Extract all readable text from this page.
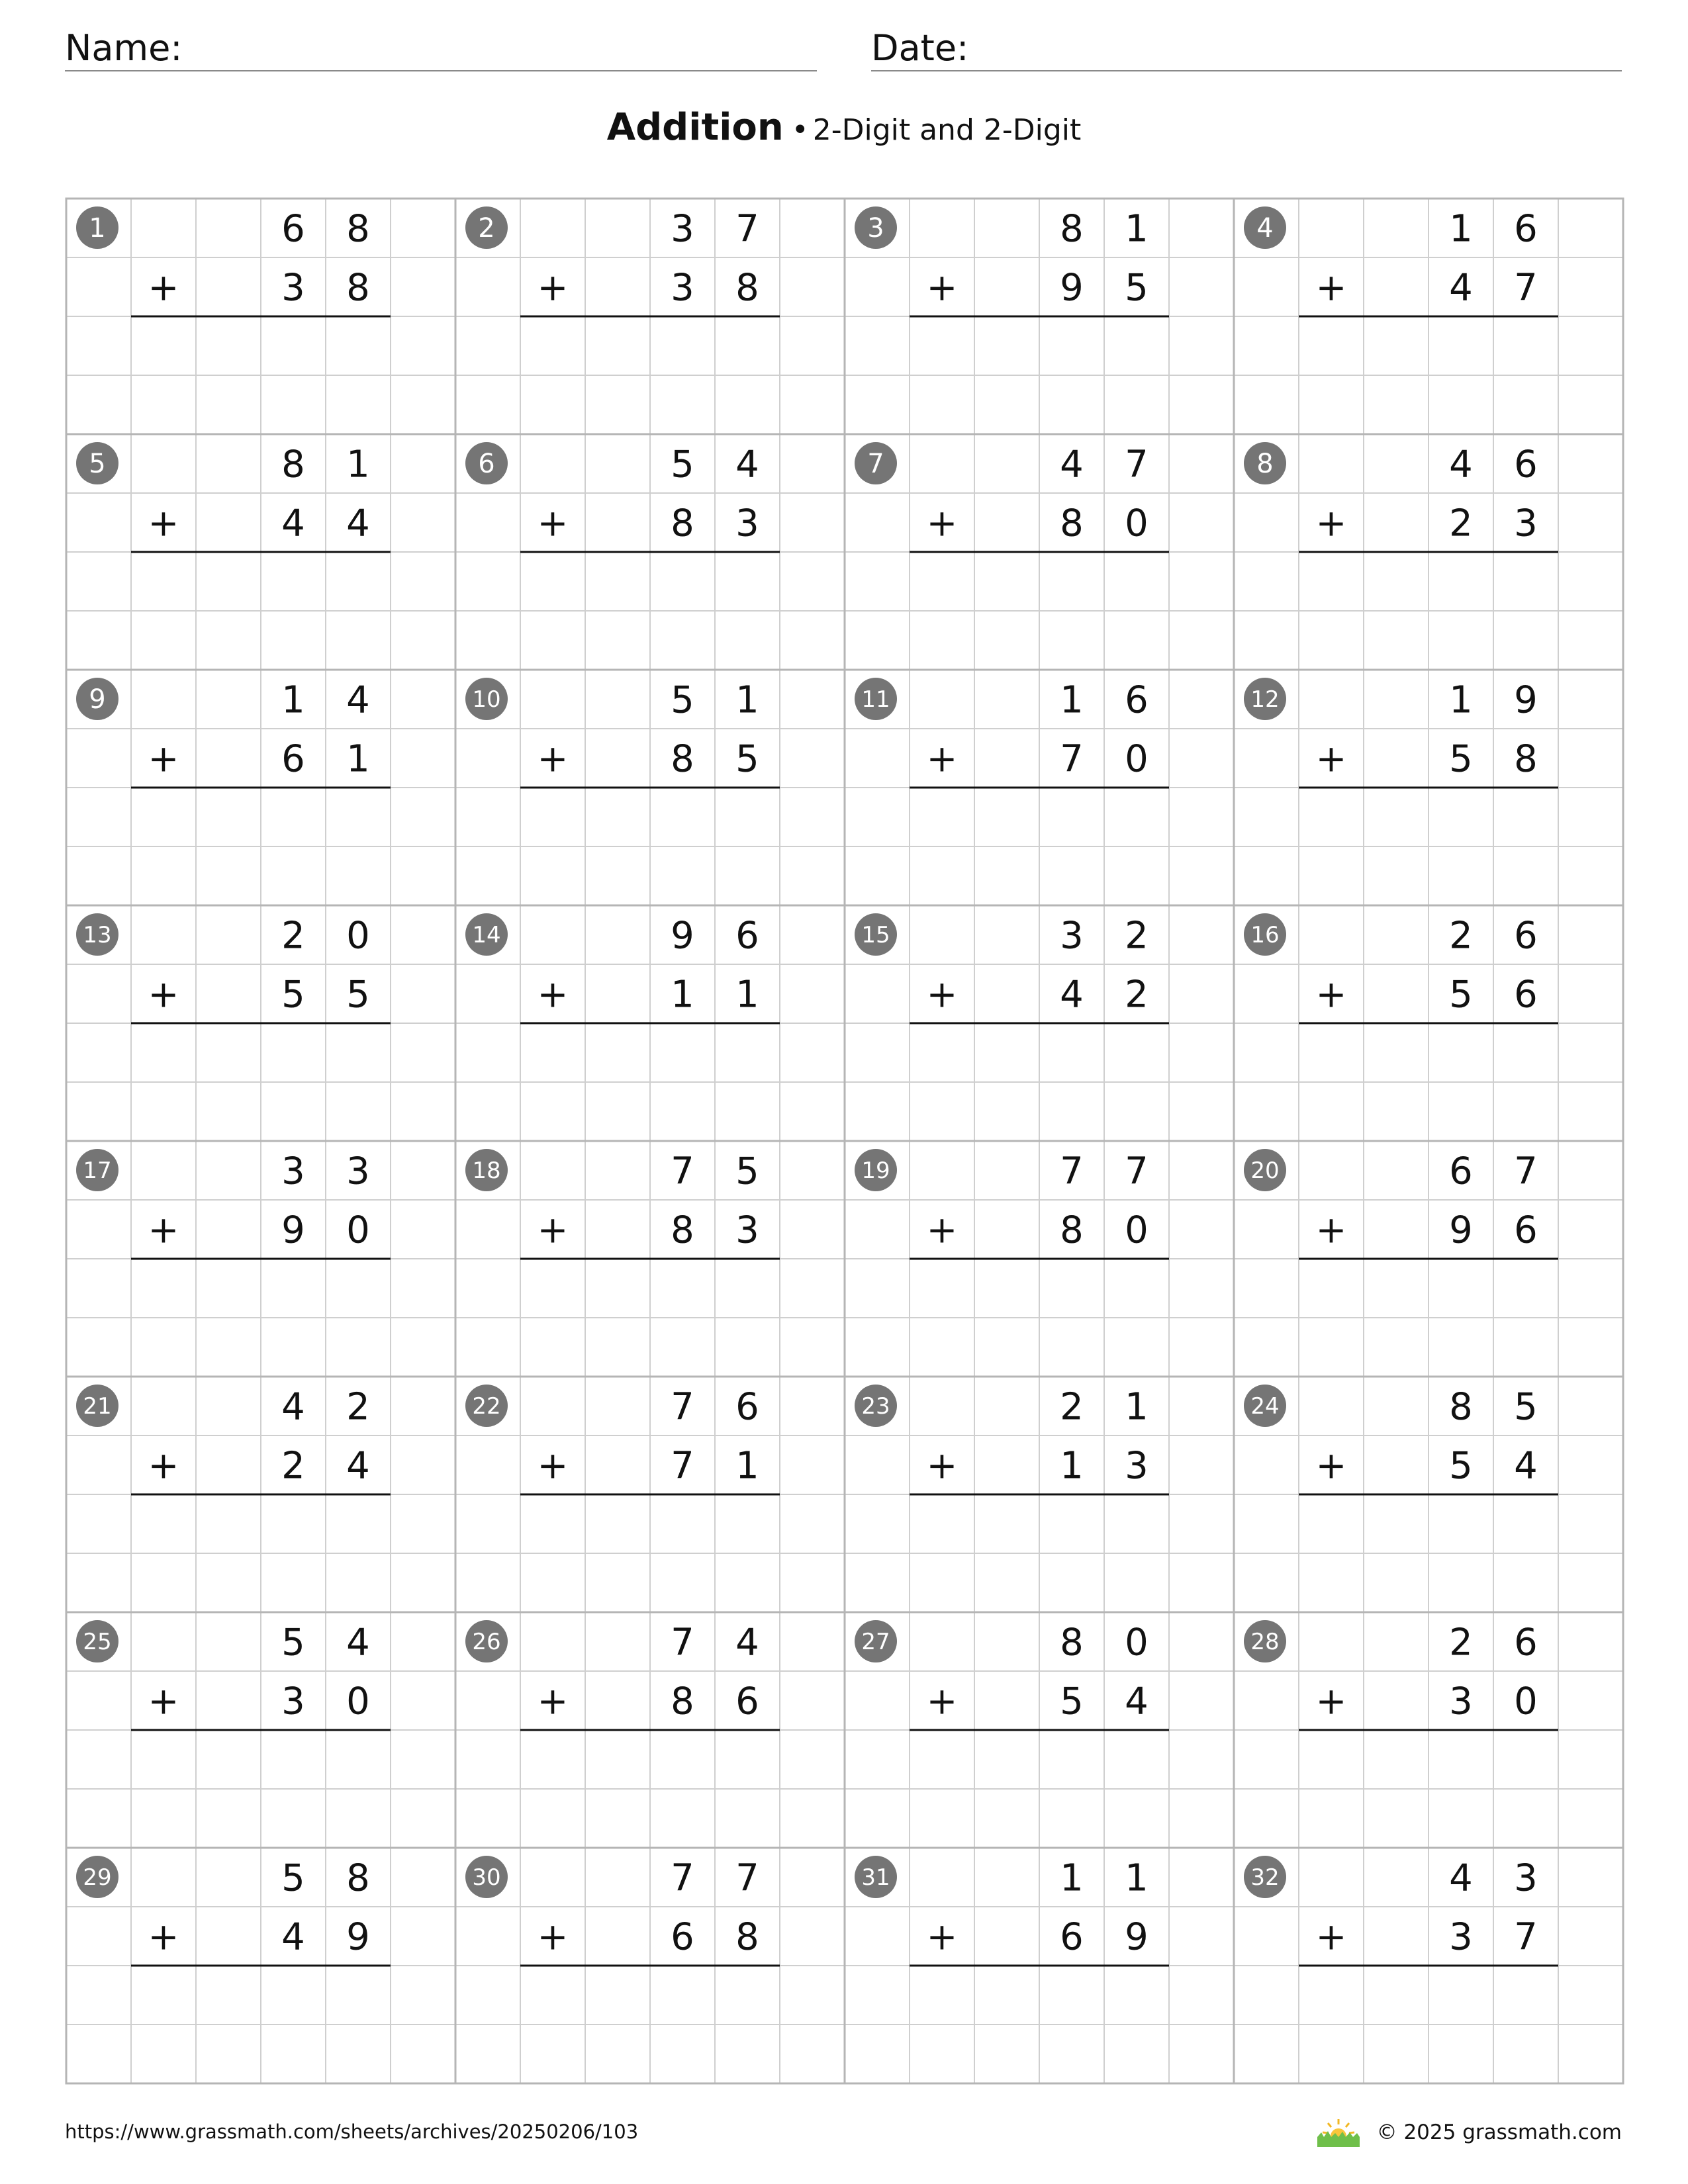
Name:	Date:
Addition • 2-Digit and 2-Digit
1	6 8
+	3 8
2	3 7
+	3 8
3	8 1
+	9 5
4	1 6
+	4 7
5	8 1
+	4 4
6	5 4
+	8 3
7	4 7
+	8 0
8	4 6
+	2 3
9	1 4
+	6 1
10	5 1
+	8 5
11	1 6
+	7 0
12	1 9
+	5 8
13	2 0
+	5 5
14	9 6
+	1 1
15	3 2
+	4 2
16	2 6
+	5 6
17	3 3
+	9 0
18	7 5
+	8 3
19	7 7
+	8 0
20	6 7
+	9 6
21	4 2
+	2 4
22	7 6
+	7 1
23	2 1
+	1 3
24	8 5
+	5 4
25	5 4
+	3 0
26	7 4
+	8 6
27	8 0
+	5 4
28	2 6
+	3 0
29	5 8
+	4 9
30	7 7
+	6 8
31	1 1
+	6 9
32	4 3
+	3 7
https://www.grassmath.com/sheets/archives/20250206/103	© 2025 grassmath.com
